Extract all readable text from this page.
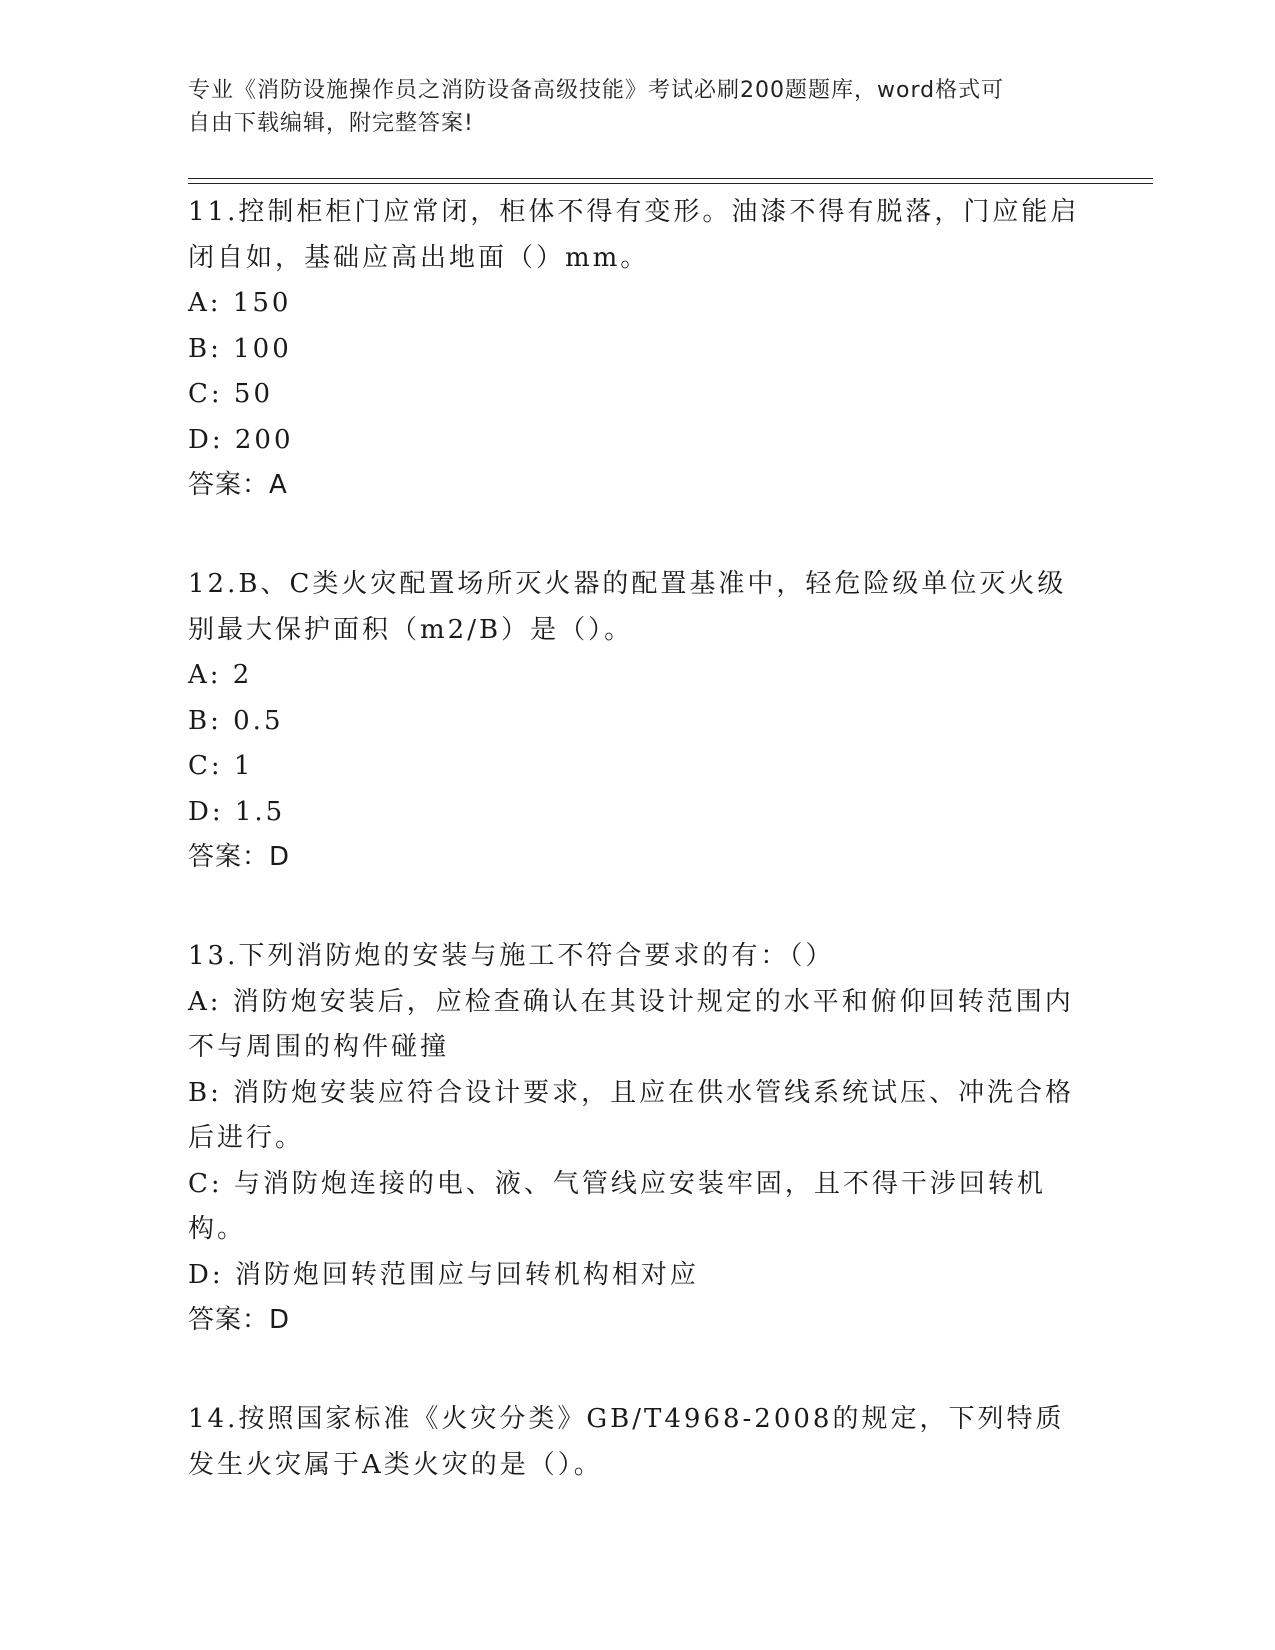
专业《消防设施操作员之消防设备高级技能》考试必刷200题题库，word格式可
自由下载编辑，附完整答案!

11.控制柜柜门应常闭，柜体不得有变形。油漆不得有脱落，门应能启闭自如，基础应高出地面（）mm。

A: 150

B: 100

C: 50

D: 200

答案：A

12.B、C类火灾配置场所灭火器的配置基准中，轻危险级单位灭火级别最大保护面积（m2/B）是（）。

A: 2

B: 0.5

C: 1

D: 1.5

答案：D

13.下列消防炮的安装与施工不符合要求的有：（）

A: 消防炮安装后，应检查确认在其设计规定的水平和俯仰回转范围内不与周围的构件碰撞

B: 消防炮安装应符合设计要求，且应在供水管线系统试压、冲洗合格后进行。

C: 与消防炮连接的电、液、气管线应安装牢固，且不得干涉回转机构。

D: 消防炮回转范围应与回转机构相对应

答案：D

14.按照国家标准《火灾分类》GB/T4968-2008的规定，下列特质发生火灾属于A类火灾的是（）。
